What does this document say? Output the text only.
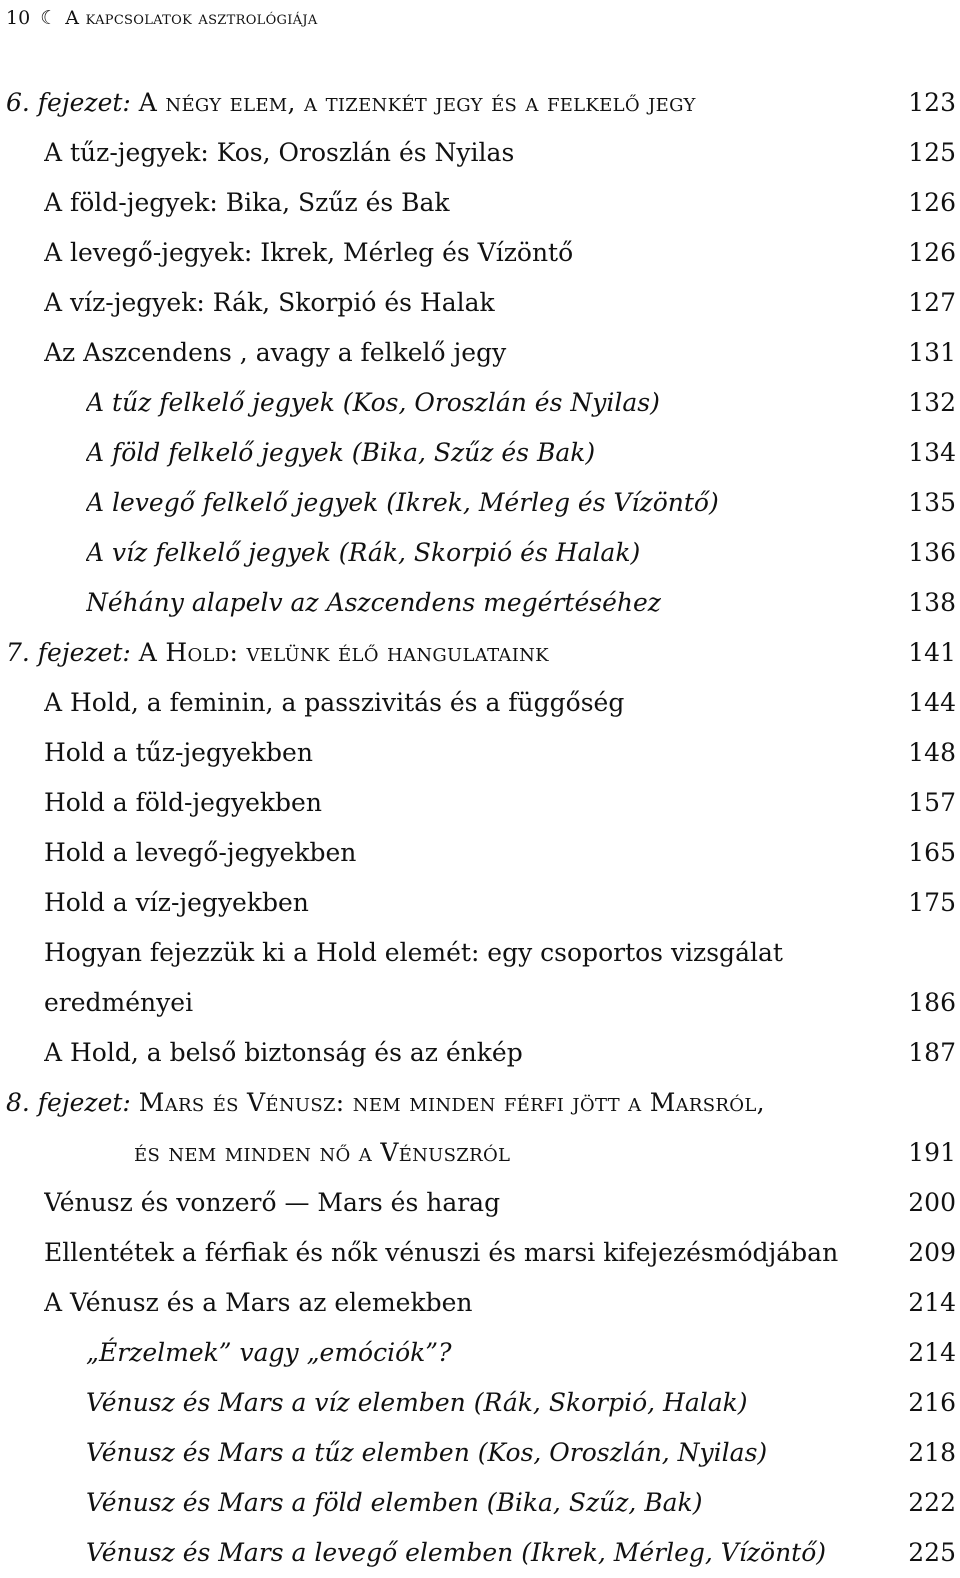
10 ☾ A kapcsolatok asztrológiája
6. fejezet: A négy elem, a tizenkét jegy és a felkelő jegy	123
A tűz-jegyek: Kos, Oroszlán és Nyilas	125
A föld-jegyek: Bika, Szűz és Bak	126
A levegő-jegyek: Ikrek, Mérleg és Vízöntő	126
A víz-jegyek: Rák, Skorpió és Halak	127
Az Aszcendens , avagy a felkelő jegy	131
A tűz felkelő jegyek (Kos, Oroszlán és Nyilas)	132
A föld felkelő jegyek (Bika, Szűz és Bak)	134
A levegő felkelő jegyek (Ikrek, Mérleg és Vízöntő)	135
A víz felkelő jegyek (Rák, Skorpió és Halak)	136
Néhány alapelv az Aszcendens megértéséhez	138
7. fejezet: A Hold: velünk élő hangulataink	141
A Hold, a feminin, a passzivitás és a függőség	144
Hold a tűz-jegyekben	148
Hold a föld-jegyekben	157
Hold a levegő-jegyekben	165
Hold a víz-jegyekben	175
Hogyan fejezzük ki a Hold elemét: egy csoportos vizsgálat
eredményei	186
A Hold, a belső biztonság és az énkép	187
8. fejezet: Mars és Vénusz: nem minden férfi jött a Marsról,
és nem minden nő a Vénuszról	191
Vénusz és vonzerő — Mars és harag	200
Ellentétek a férfiak és nők vénuszi és marsi kifejezésmódjában	209
A Vénusz és a Mars az elemekben	214
„Érzelmek” vagy „emóciók”?	214
Vénusz és Mars a víz elemben (Rák, Skorpió, Halak)	216
Vénusz és Mars a tűz elemben (Kos, Oroszlán, Nyilas)	218
Vénusz és Mars a föld elemben (Bika, Szűz, Bak)	222
Vénusz és Mars a levegő elemben (Ikrek, Mérleg, Vízöntő)	225
